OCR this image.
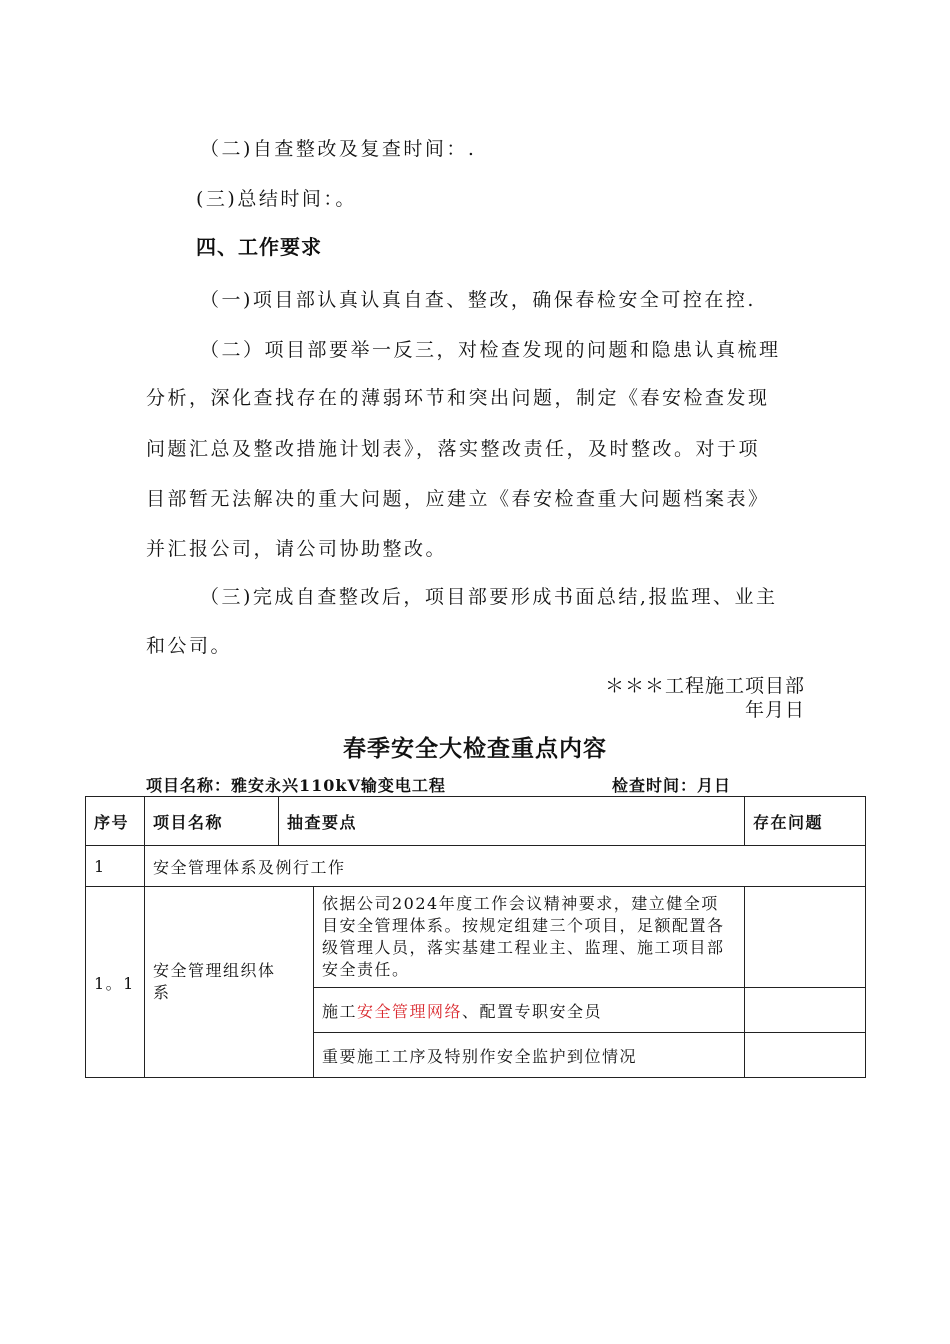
（二)自查整改及复查时间：.
(三)总结时间：。
四、工作要求
（一)项目部认真认真自查、整改，确保春检安全可控在控.
（二）项目部要举一反三，对检查发现的问题和隐患认真梳理
分析，深化查找存在的薄弱环节和突出问题，制定《春安检查发现
问题汇总及整改措施计划表》，落实整改责任，及时整改。对于项
目部暂无法解决的重大问题，应建立《春安检查重大问题档案表》
并汇报公司，请公司协助整改。
（三)完成自查整改后，项目部要形成书面总结,报监理、业主
和公司。
＊＊＊工程施工项目部
年月日
春季安全大检查重点内容
项目名称：雅安永兴110kV输变电工程	检查时间：月日
序号	项目名称	抽查要点		存在问题
1	安全管理体系及例行工作			
1。1	安全管理组织体系		依据公司2024年度工作会议精神要求，建立健全项目安全管理体系。按规定组建三个项目，足额配置各级管理人员，落实基建工程业主、监理、施工项目部安全责任。	
			施工安全管理网络、配置专职安全员	
			重要施工工序及特别作安全监护到位情况	
